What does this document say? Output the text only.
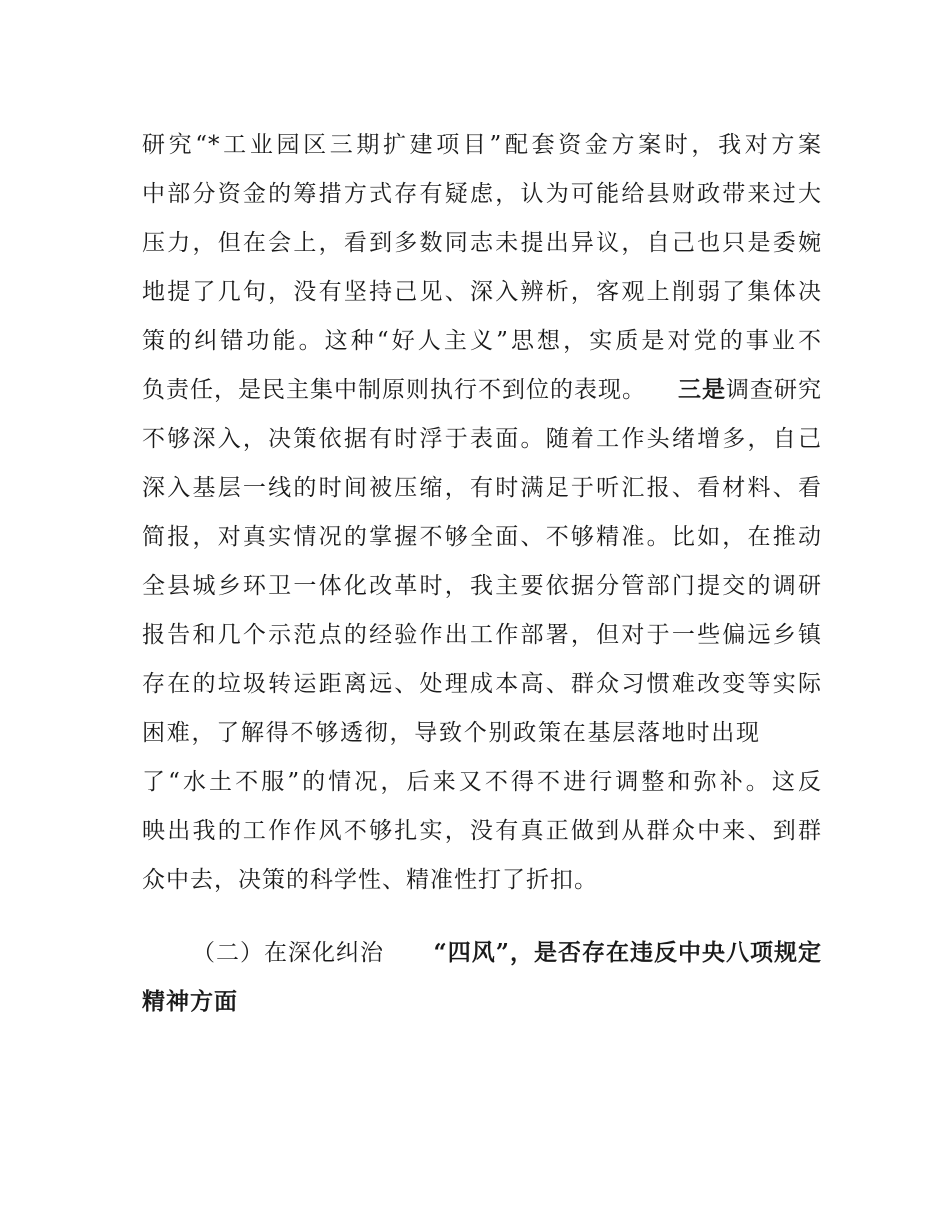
研究“*工业园区三期扩建项目”配套资金方案时，我对方案
中部分资金的筹措方式存有疑虑，认为可能给县财政带来过大
压力，但在会上，看到多数同志未提出异议，自己也只是委婉
地提了几句，没有坚持己见、深入辨析，客观上削弱了集体决
策的纠错功能。这种“好人主义”思想，实质是对党的事业不
负责任，是民主集中制原则执行不到位的表现。 三是调查研究
不够深入，决策依据有时浮于表面。随着工作头绪增多，自己
深入基层一线的时间被压缩，有时满足于听汇报、看材料、看
简报，对真实情况的掌握不够全面、不够精准。比如，在推动
全县城乡环卫一体化改革时，我主要依据分管部门提交的调研
报告和几个示范点的经验作出工作部署，但对于一些偏远乡镇
存在的垃圾转运距离远、处理成本高、群众习惯难改变等实际
困难，了解得不够透彻，导致个别政策在基层落地时出现
了“水土不服”的情况，后来又不得不进行调整和弥补。这反
映出我的工作作风不够扎实，没有真正做到从群众中来、到群
众中去，决策的科学性、精准性打了折扣。
（二）在深化纠治 “四风”，是否存在违反中央八项规定
精神方面
